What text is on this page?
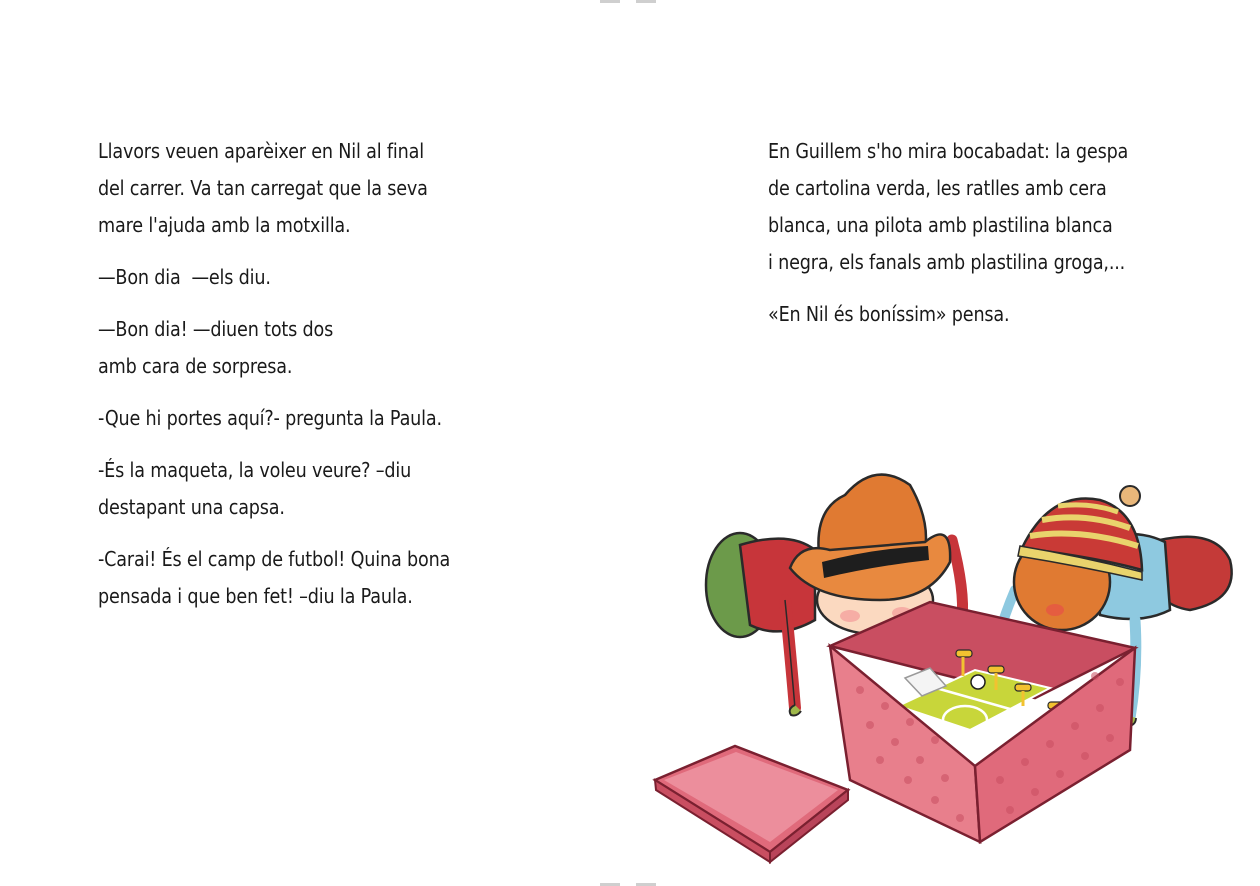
Llavors veuen aparèixer en Nil al final
del carrer. Va tan carregat que la seva
mare l'ajuda amb la motxilla.

—Bon dia  —els diu.

—Bon dia! —diuen tots dos
amb cara de sorpresa.

-Que hi portes aquí?- pregunta la Paula.

-És la maqueta, la voleu veure? –diu
destapant una capsa.

-Carai! És el camp de futbol! Quina bona
pensada i que ben fet! –diu la Paula.

En Guillem s'ho mira bocabadat: la gespa
de cartolina verda, les ratlles amb cera
blanca, una pilota amb plastilina blanca
i negra, els fanals amb plastilina groga,...

«En Nil és boníssim» pensa.
